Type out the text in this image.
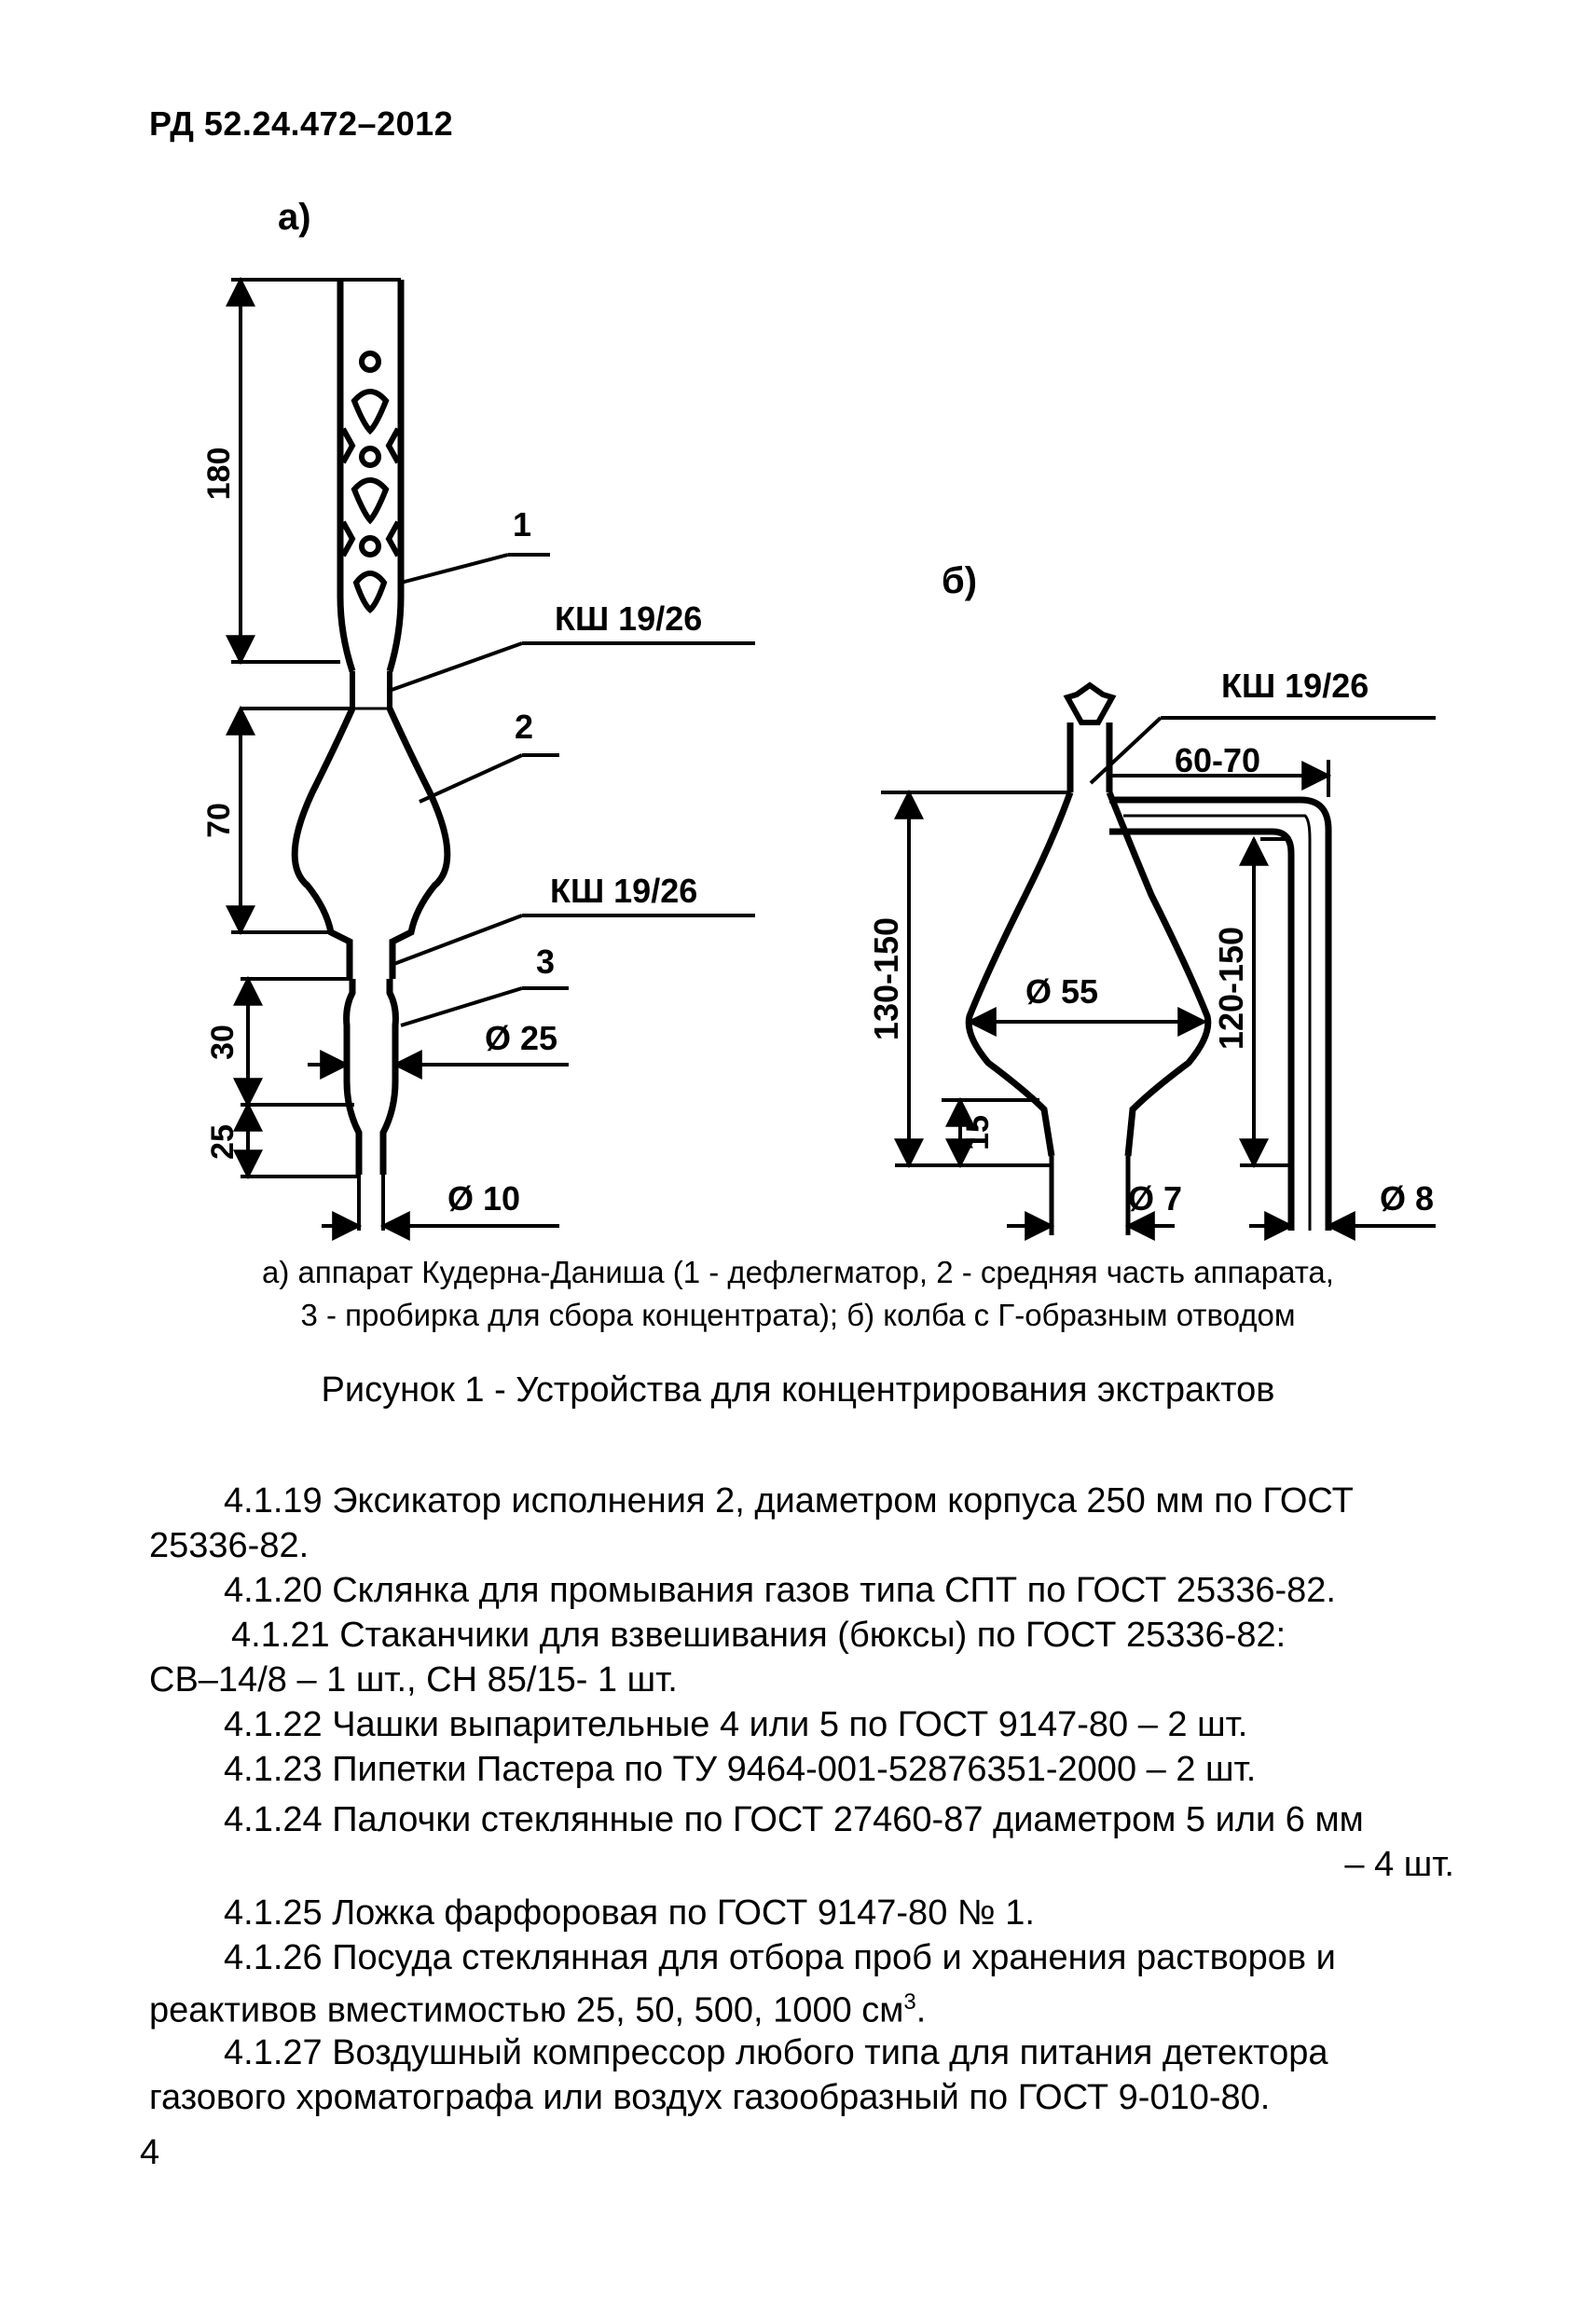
РД 52.24.472–2012
а)
180
70
30
25
1
КШ 19/26
2
КШ 19/26
3
Ø 25
Ø 10
б)
КШ 19/26
60-70
130-150	120-150
15
Ø 55
Ø 7	Ø 8
а) аппарат Кудерна-Даниша (1 - дефлегматор, 2 - средняя часть аппарата,
3 - пробирка для сбора концентрата); б) колба с Г-образным отводом
Рисунок 1 - Устройства для концентрирования экстрактов
4.1.19 Эксикатор исполнения 2, диаметром корпуса 250 мм по ГОСТ
25336-82.
4.1.20 Склянка для промывания газов типа СПТ по ГОСТ 25336-82.
4.1.21 Стаканчики для взвешивания (бюксы) по ГОСТ 25336-82:
СВ–14/8 – 1 шт., СН 85/15- 1 шт.
4.1.22 Чашки выпарительные 4 или 5 по ГОСТ 9147-80 – 2 шт.
4.1.23 Пипетки Пастера по ТУ 9464-001-52876351-2000 – 2 шт.
4.1.24 Палочки стеклянные по ГОСТ 27460-87 диаметром 5 или 6 мм
– 4 шт.
4.1.25 Ложка фарфоровая по ГОСТ 9147-80 № 1.
4.1.26 Посуда стеклянная для отбора проб и хранения растворов и
реактивов вместимостью 25, 50, 500, 1000 $см^3$.
4.1.27 Воздушный компрессор любого типа для питания детектора
газового хроматографа или воздух газообразный по ГОСТ 9-010-80.
4
